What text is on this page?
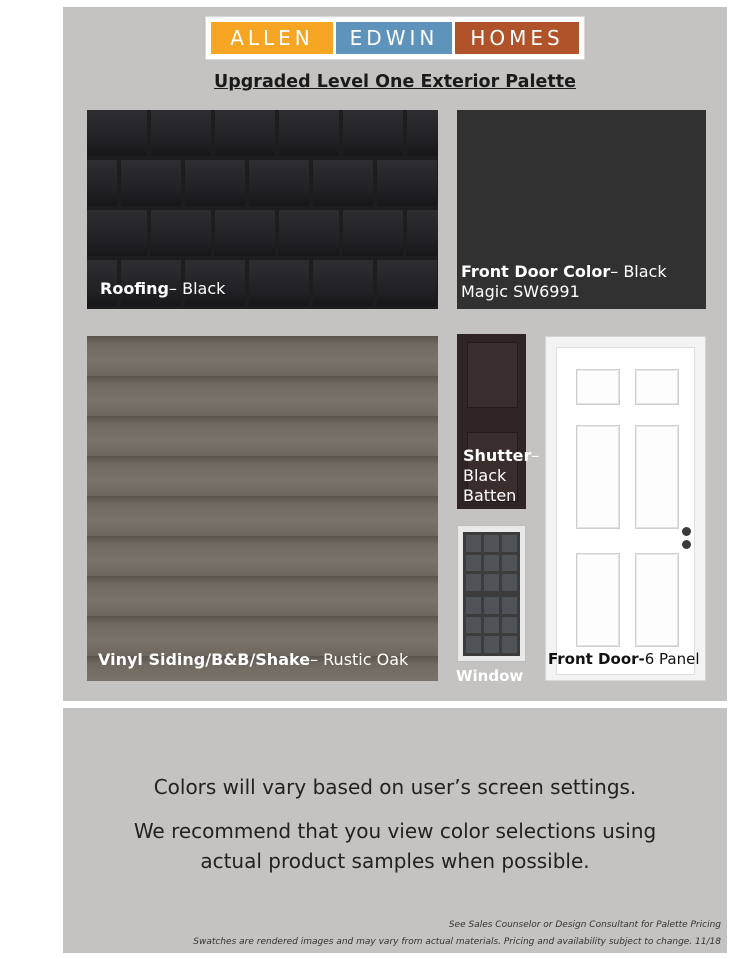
ALLEN	EDWIN	HOMES
Upgraded Level One Exterior Palette
Roofing– Black
Front Door Color– Black
Magic SW6991
Vinyl Siding/B&B/Shake– Rustic Oak
Shutter–
Black
Batten
Window
Front Door-6 Panel
Colors will vary based on user’s screen settings.
We recommend that you view color selections using
actual product samples when possible.
See Sales Counselor or Design Consultant for Palette Pricing
Swatches are rendered images and may vary from actual materials. Pricing and availability subject to change. 11/18
